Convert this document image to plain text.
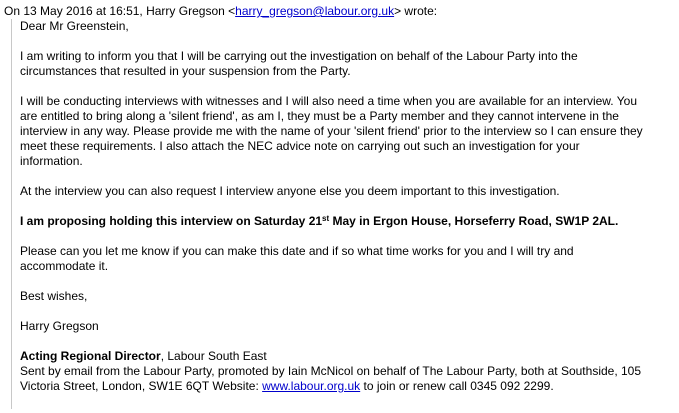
On 13 May 2016 at 16:51, Harry Gregson <harry_gregson@labour.org.uk> wrote:

Dear Mr Greenstein,

I am writing to inform you that I will be carrying out the investigation on behalf of the Labour Party into the

circumstances that resulted in your suspension from the Party.

I will be conducting interviews with witnesses and I will also need a time when you are available for an interview. You

are entitled to bring along a 'silent friend', as am I, they must be a Party member and they cannot intervene in the

interview in any way. Please provide me with the name of your 'silent friend' prior to the interview so I can ensure they

meet these requirements. I also attach the NEC advice note on carrying out such an investigation for your

information.

At the interview you can also request I interview anyone else you deem important to this investigation.

I am proposing holding this interview on Saturday 21st May in Ergon House, Horseferry Road, SW1P 2AL.

Please can you let me know if you can make this date and if so what time works for you and I will try and

accommodate it.

Best wishes,

Harry Gregson

Acting Regional Director, Labour South East

Sent by email from the Labour Party, promoted by Iain McNicol on behalf of The Labour Party, both at Southside, 105

Victoria Street, London, SW1E 6QT Website: www.labour.org.uk to join or renew call 0345 092 2299.
